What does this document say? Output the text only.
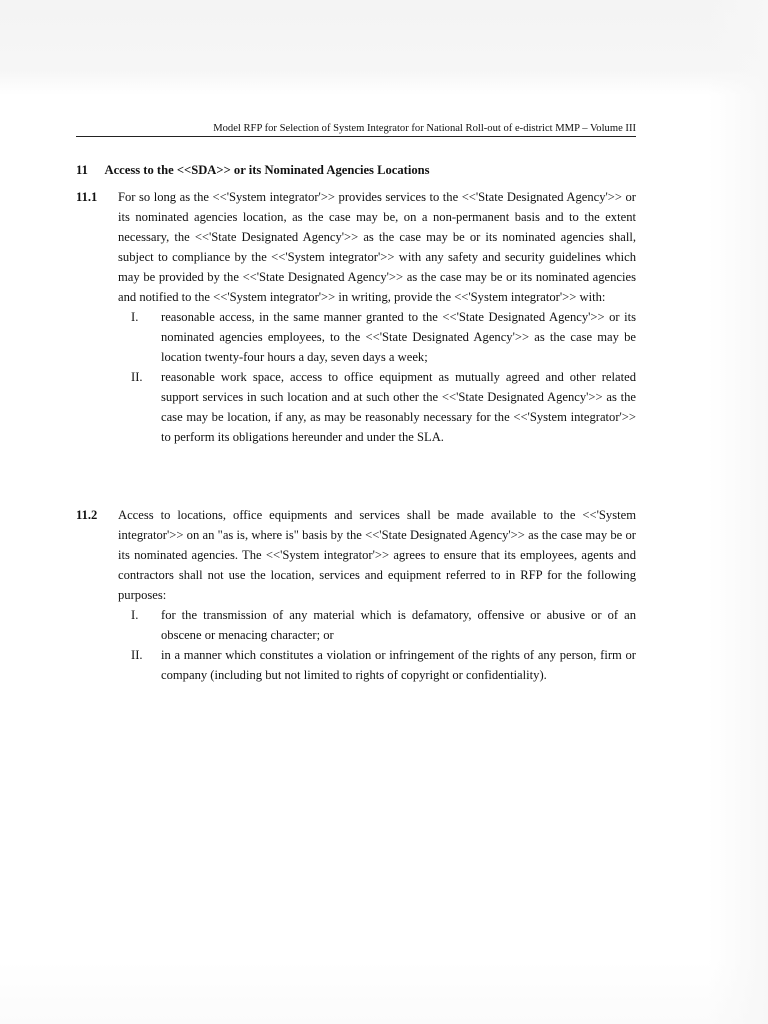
Model RFP for Selection of System Integrator for National Roll-out of e-district MMP – Volume III
11 Access to the <<SDA>> or its Nominated Agencies Locations
11.1 For so long as the <<'System integrator'>> provides services to the <<'State Designated Agency'>> or its nominated agencies location, as the case may be, on a non-permanent basis and to the extent necessary, the <<'State Designated Agency'>> as the case may be or its nominated agencies shall, subject to compliance by the <<'System integrator'>> with any safety and security guidelines which may be provided by the <<'State Designated Agency'>> as the case may be or its nominated agencies and notified to the <<'System integrator'>> in writing, provide the <<'System integrator'>> with:
I. reasonable access, in the same manner granted to the <<'State Designated Agency'>> or its nominated agencies employees, to the <<'State Designated Agency'>> as the case may be location twenty-four hours a day, seven days a week;
II. reasonable work space, access to office equipment as mutually agreed and other related support services in such location and at such other the <<'State Designated Agency'>> as the case may be location, if any, as may be reasonably necessary for the <<'System integrator'>> to perform its obligations hereunder and under the SLA.
11.2 Access to locations, office equipments and services shall be made available to the <<'System integrator'>> on an "as is, where is" basis by the <<'State Designated Agency'>> as the case may be or its nominated agencies. The <<'System integrator'>> agrees to ensure that its employees, agents and contractors shall not use the location, services and equipment referred to in RFP for the following purposes:
I. for the transmission of any material which is defamatory, offensive or abusive or of an obscene or menacing character; or
II. in a manner which constitutes a violation or infringement of the rights of any person, firm or company (including but not limited to rights of copyright or confidentiality).
